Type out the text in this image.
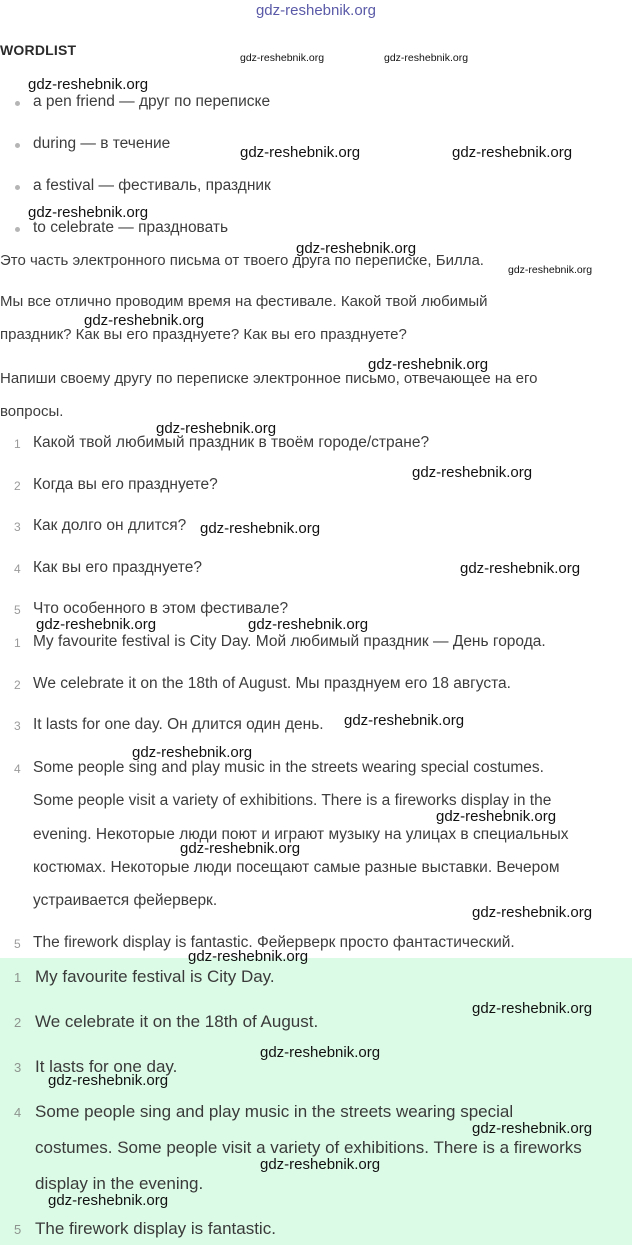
gdz-reshebnik.org
WORDLIST
a pen friend — друг по переписке
during — в течение
a festival — фестиваль, праздник
to celebrate — праздновать
Это часть электронного письма от твоего друга по переписке, Билла.
Мы все отлично проводим время на фестивале. Какой твой любимый
праздник? Как вы его празднуете? Как вы его празднуете?
Напиши своему другу по переписке электронное письмо, отвечающее на его
вопросы.
1 Какой твой любимый праздник в твоём городе/стране?
2 Когда вы его празднуете?
3 Как долго он длится?
4 Как вы его празднуете?
5 Что особенного в этом фестивале?
1 My favourite festival is City Day. Мой любимый праздник — День города.
2 We celebrate it on the 18th of August. Мы празднуем его 18 августа.
3 It lasts for one day. Он длится один день.
4 Some people sing and play music in the streets wearing special costumes.
Some people visit a variety of exhibitions. There is a fireworks display in the
evening. Некоторые люди поют и играют музыку на улицах в специальных
костюмах. Некоторые люди посещают самые разные выставки. Вечером
устраивается фейерверк.
5 The firework display is fantastic. Фейерверк просто фантастический.
1 My favourite festival is City Day.
2 We celebrate it on the 18th of August.
3 It lasts for one day.
4 Some people sing and play music in the streets wearing special
costumes. Some people visit a variety of exhibitions. There is a fireworks
display in the evening.
5 The firework display is fantastic.
gdz-reshebnik.org	gdz-reshebnik.org
gdz-reshebnik.org
gdz-reshebnik.org	gdz-reshebnik.org
gdz-reshebnik.org
gdz-reshebnik.org
gdz-reshebnik.org
gdz-reshebnik.org
gdz-reshebnik.org
gdz-reshebnik.org
gdz-reshebnik.org
gdz-reshebnik.org
gdz-reshebnik.org
gdz-reshebnik.org	gdz-reshebnik.org
gdz-reshebnik.org
gdz-reshebnik.org
gdz-reshebnik.org
gdz-reshebnik.org
gdz-reshebnik.org
gdz-reshebnik.org
gdz-reshebnik.org
gdz-reshebnik.org
gdz-reshebnik.org
gdz-reshebnik.org
gdz-reshebnik.org
gdz-reshebnik.org
